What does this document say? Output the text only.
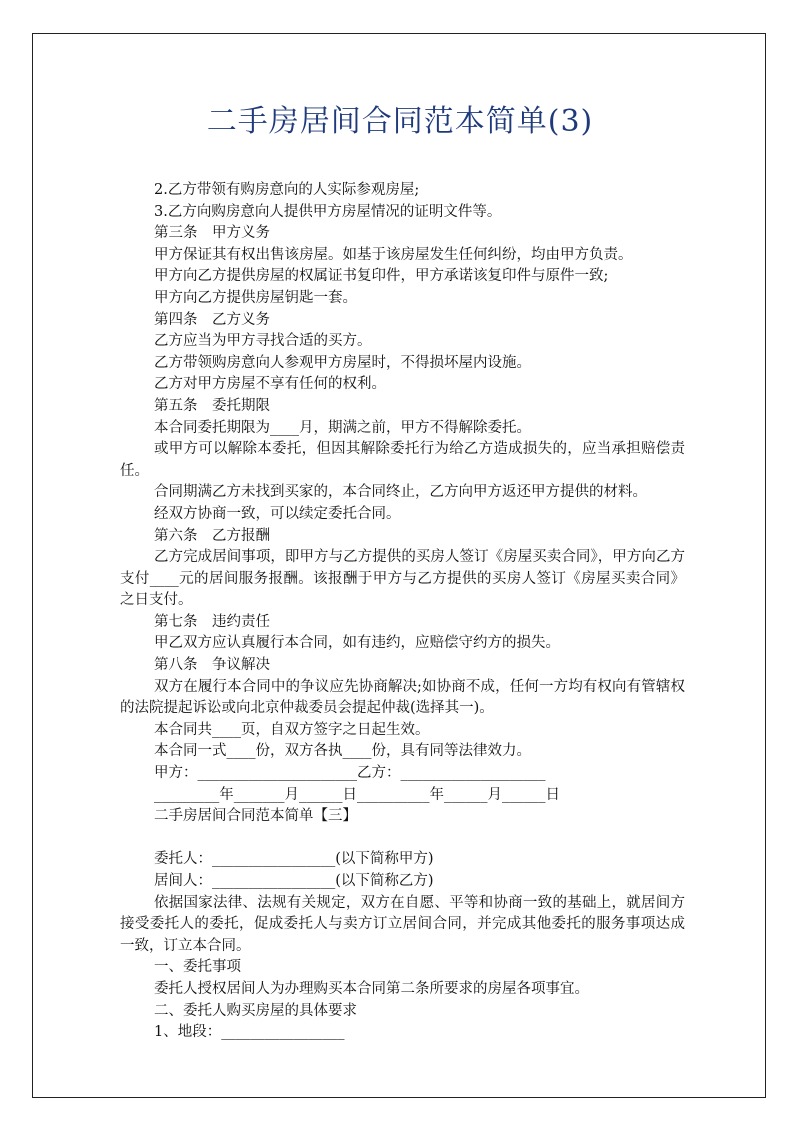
二手房居间合同范本简单(3)
2.乙方带领有购房意向的人实际参观房屋;
3.乙方向购房意向人提供甲方房屋情况的证明文件等。
第三条　甲方义务
甲方保证其有权出售该房屋。如基于该房屋发生任何纠纷，均由甲方负责。
甲方向乙方提供房屋的权属证书复印件，甲方承诺该复印件与原件一致;
甲方向乙方提供房屋钥匙一套。
第四条　乙方义务
乙方应当为甲方寻找合适的买方。
乙方带领购房意向人参观甲方房屋时，不得损坏屋内设施。
乙方对甲方房屋不享有任何的权利。
第五条　委托期限
本合同委托期限为____月，期满之前，甲方不得解除委托。
或甲方可以解除本委托，但因其解除委托行为给乙方造成损失的，应当承担赔偿责任。
合同期满乙方未找到买家的，本合同终止，乙方向甲方返还甲方提供的材料。
经双方协商一致，可以续定委托合同。
第六条　乙方报酬
乙方完成居间事项，即甲方与乙方提供的买房人签订《房屋买卖合同》，甲方向乙方支付____元的居间服务报酬。该报酬于甲方与乙方提供的买房人签订《房屋买卖合同》之日支付。
第七条　违约责任
甲乙双方应认真履行本合同，如有违约，应赔偿守约方的损失。
第八条　争议解决
双方在履行本合同中的争议应先协商解决;如协商不成，任何一方均有权向有管辖权的法院提起诉讼或向北京仲裁委员会提起仲裁(选择其一)。
本合同共____页，自双方签字之日起生效。
本合同一式____份，双方各执____份，具有同等法律效力。
甲方：______________________乙方：____________________
_________年_______月______日__________年______月______日
二手房居间合同范本简单【三】
委托人：_________________(以下简称甲方)
居间人：_________________(以下简称乙方)
依据国家法律、法规有关规定，双方在自愿、平等和协商一致的基础上，就居间方接受委托人的委托，促成委托人与卖方订立居间合同，并完成其他委托的服务事项达成一致，订立本合同。
一、委托事项
委托人授权居间人为办理购买本合同第二条所要求的房屋各项事宜。
二、委托人购买房屋的具体要求
1、地段：_________________
